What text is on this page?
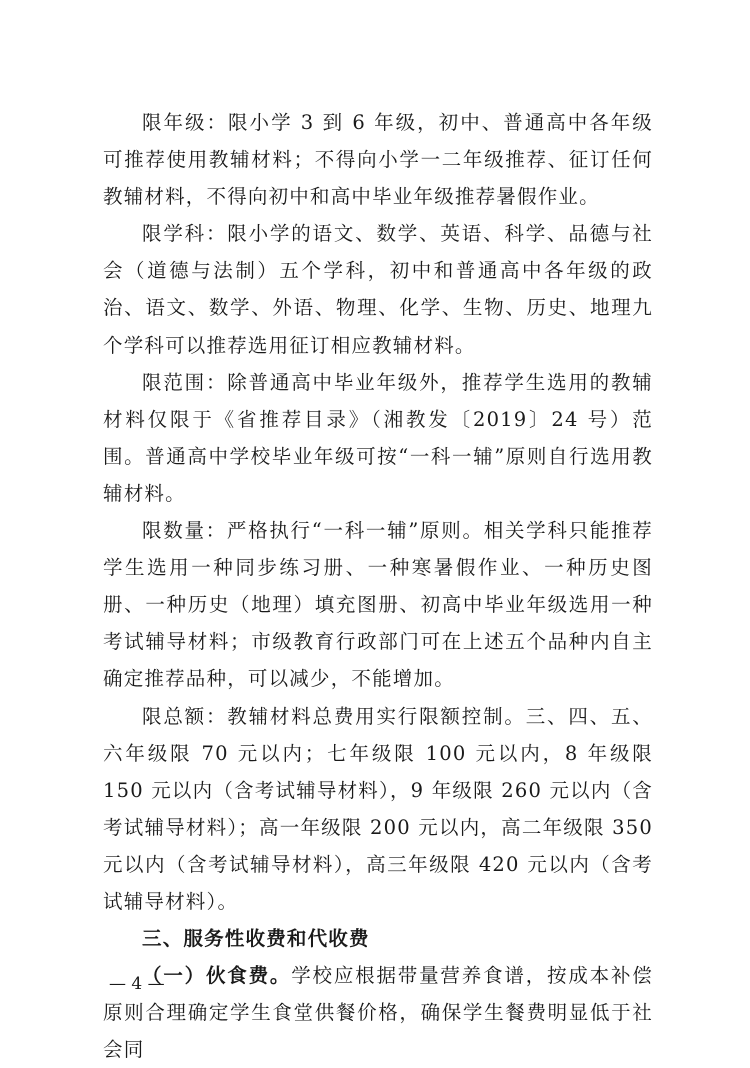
限年级：限小学 3 到 6 年级，初中、普通高中各年级可推荐使用教辅材料；不得向小学一二年级推荐、征订任何教辅材料，不得向初中和高中毕业年级推荐暑假作业。

限学科：限小学的语文、数学、英语、科学、品德与社会（道德与法制）五个学科，初中和普通高中各年级的政治、语文、数学、外语、物理、化学、生物、历史、地理九个学科可以推荐选用征订相应教辅材料。

限范围：除普通高中毕业年级外，推荐学生选用的教辅材料仅限于《省推荐目录》（湘教发〔2019〕24 号）范围。普通高中学校毕业年级可按“一科一辅”原则自行选用教辅材料。

限数量：严格执行“一科一辅”原则。相关学科只能推荐学生选用一种同步练习册、一种寒暑假作业、一种历史图册、一种历史（地理）填充图册、初高中毕业年级选用一种考试辅导材料；市级教育行政部门可在上述五个品种内自主确定推荐品种，可以减少，不能增加。

限总额：教辅材料总费用实行限额控制。三、四、五、六年级限 70 元以内；七年级限 100 元以内，8 年级限 150 元以内（含考试辅导材料），9 年级限 260 元以内（含考试辅导材料）；高一年级限 200 元以内，高二年级限 350 元以内（含考试辅导材料），高三年级限 420 元以内（含考试辅导材料）。

三、服务性收费和代收费

（一）伙食费。学校应根据带量营养食谱，按成本补偿原则合理确定学生食堂供餐价格，确保学生餐费明显低于社会同

— 4 —
